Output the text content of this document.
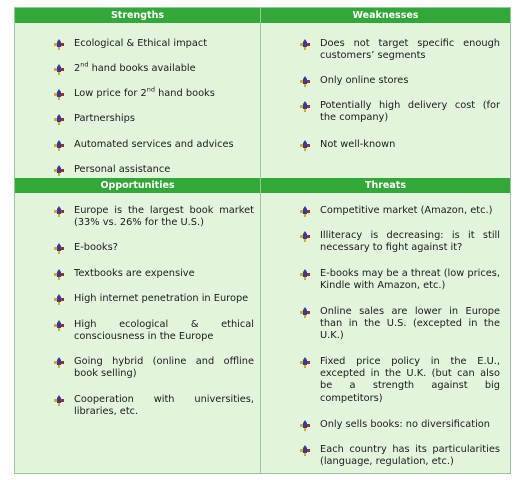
Strengths	Weaknesses
Opportunities	Threats
Ecological & Ethical impact
2nd hand books available
Low price for 2nd hand books
Partnerships
Automated services and advices
Personal assistance
Does not target specific enough customers’ segments
Only online stores
Potentially high delivery cost (for the company)
Not well-known
Europe is the largest book market (33% vs. 26% for the U.S.)
E-books?
Textbooks are expensive
High internet penetration in Europe
High ecological & ethical consciousness in the Europe
Going hybrid (online and offline book selling)
Cooperation with universities, libraries, etc.
Competitive market (Amazon, etc.)
Illiteracy is decreasing: is it still necessary to fight against it?
E-books may be a threat (low prices, Kindle with Amazon, etc.)
Online sales are lower in Europe than in the U.S. (excepted in the U.K.)
Fixed price policy in the E.U., excepted in the U.K. (but can also be a strength against big competitors)
Only sells books: no diversification
Each country has its particularities (language, regulation, etc.)
